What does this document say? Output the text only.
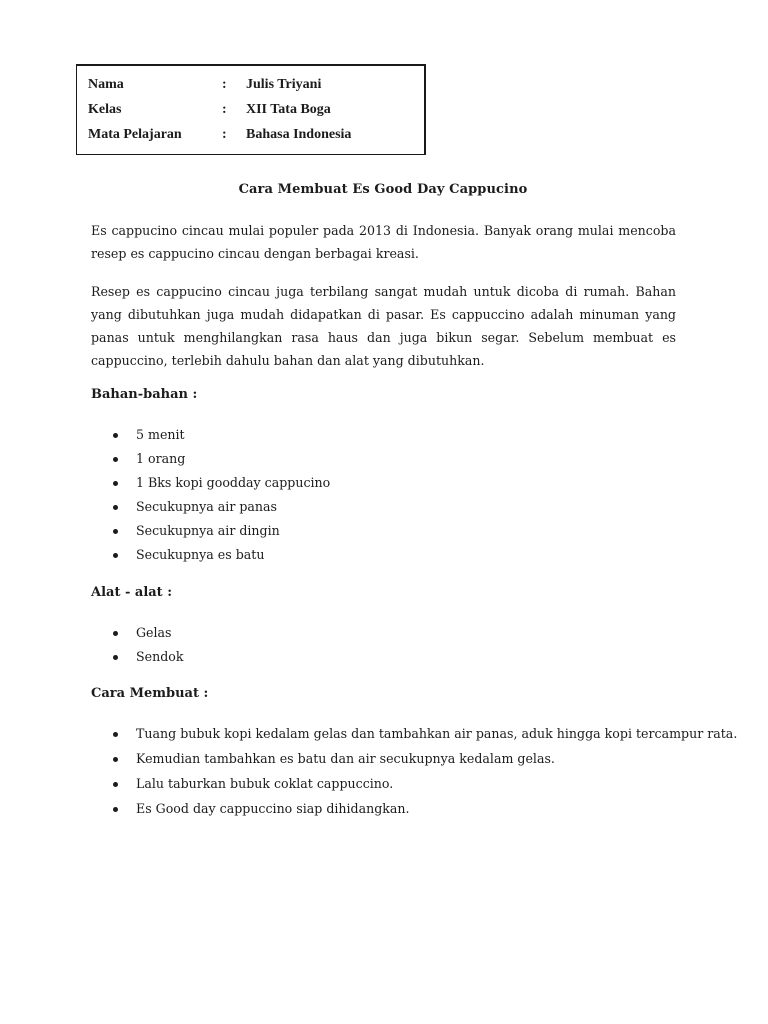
Nama	: Julis Triyani
Kelas	: XII Tata Boga
Mata Pelajaran	: Bahasa Indonesia
Cara Membuat Es Good Day Cappucino

Es cappucino cincau mulai populer pada 2013 di Indonesia. Banyak orang mulai mencoba resep es cappucino cincau dengan berbagai kreasi.

Resep es cappucino cincau juga terbilang sangat mudah untuk dicoba di rumah. Bahan yang dibutuhkan juga mudah didapatkan di pasar. Es cappuccino adalah minuman yang panas untuk menghilangkan rasa haus dan juga bikun segar. Sebelum membuat es cappuccino, terlebih dahulu bahan dan alat yang dibutuhkan.

Bahan-bahan :
5 menit
1 orang
1 Bks kopi goodday cappucino
Secukupnya air panas
Secukupnya air dingin
Secukupnya es batu
Alat - alat :
Gelas
Sendok
Cara Membuat :
Tuang bubuk kopi kedalam gelas dan tambahkan air panas, aduk hingga kopi tercampur rata.
Kemudian tambahkan es batu dan air secukupnya kedalam gelas.
Lalu taburkan bubuk coklat cappuccino.
Es Good day cappuccino siap dihidangkan.
